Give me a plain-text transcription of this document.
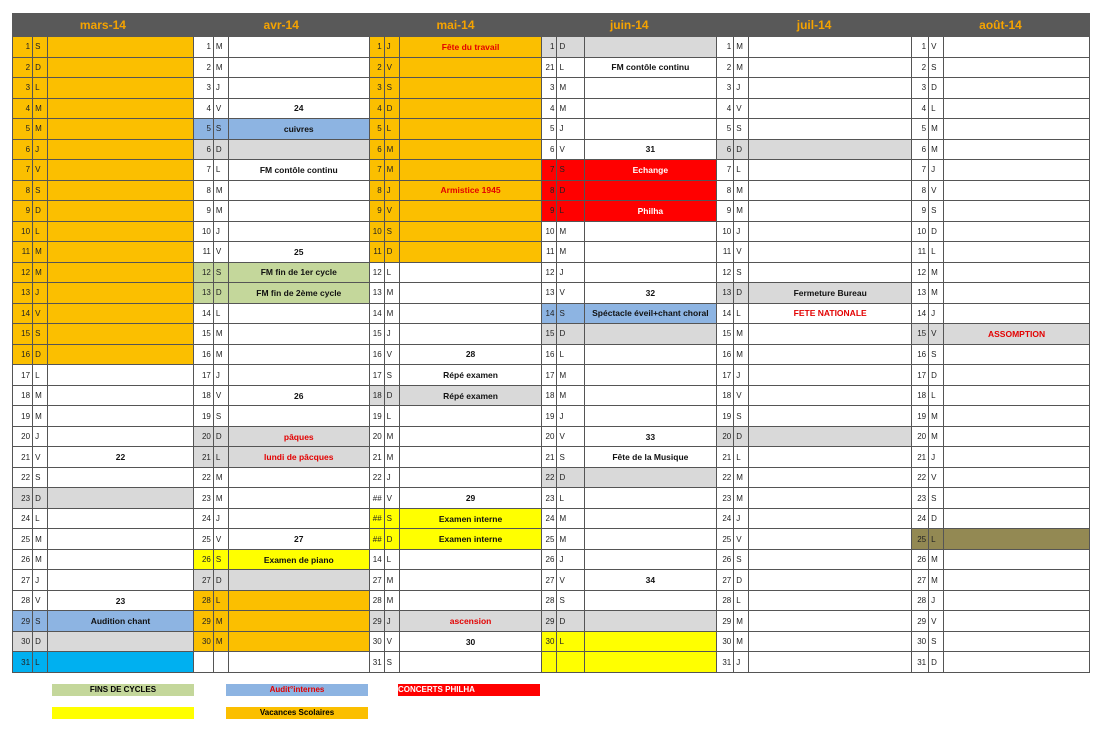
mars-14			avr-14			mai-14			juin-14			juil-14			août-14		
1	S		1	M		1	J	Fête du travail	1	D		1	M		1	V	
2	D		2	M		2	V		21	L	FM contôle continu	2	M		2	S	
3	L		3	J		3	S		3	M		3	J		3	D	
4	M		4	V	24	4	D		4	M		4	V		4	L	
5	M		5	S	cuivres	5	L		5	J		5	S		5	M	
6	J		6	D		6	M		6	V	31	6	D		6	M	
7	V		7	L	FM contôle continu	7	M		7	S	Echange	7	L		7	J	
8	S		8	M		8	J	Armistice 1945	8	D		8	M		8	V	
9	D		9	M		9	V		9	L	Philha	9	M		9	S	
10	L		10	J		10	S		10	M		10	J		10	D	
11	M		11	V	25	11	D		11	M		11	V		11	L	
12	M		12	S	FM fin de 1er cycle	12	L		12	J		12	S		12	M	
13	J		13	D	FM fin de 2ème cycle	13	M		13	V	32	13	D	Fermeture Bureau	13	M	
14	V		14	L		14	M		14	S	Spéctacle éveil+chant choral	14	L	FETE NATIONALE	14	J	
15	S		15	M		15	J		15	D		15	M		15	V	ASSOMPTION
16	D		16	M		16	V	28	16	L		16	M		16	S	
17	L		17	J		17	S	Répé examen	17	M		17	J		17	D	
18	M		18	V	26	18	D	Répé examen	18	M		18	V		18	L	
19	M		19	S		19	L		19	J		19	S		19	M	
20	J		20	D	pâques	20	M		20	V	33	20	D		20	M	
21	V	22	21	L	lundi de pâcques	21	M		21	S	Fête de la Musique	21	L		21	J	
22	S		22	M		22	J		22	D		22	M		22	V	
23	D		23	M		##	V	29	23	L		23	M		23	S	
24	L		24	J		##	S	Examen interne	24	M		24	J		24	D	
25	M		25	V	27	##	D	Examen interne	25	M		25	V		25	L	
26	M		26	S	Examen de piano	14	L		26	J		26	S		26	M	
27	J		27	D		27	M		27	V	34	27	D		27	M	
28	V	23	28	L		28	M		28	S		28	L		28	J	
29	S	Audition chant	29	M		29	J	ascension	29	D		29	M		29	V	
30	D		30	M		30	V	30	30	L		30	M		30	S	
31	L					31	S					31	J		31	D	
FINS DE CYCLES	Audit°internes	CONCERTS PHILHA
Vacances Scolaires
